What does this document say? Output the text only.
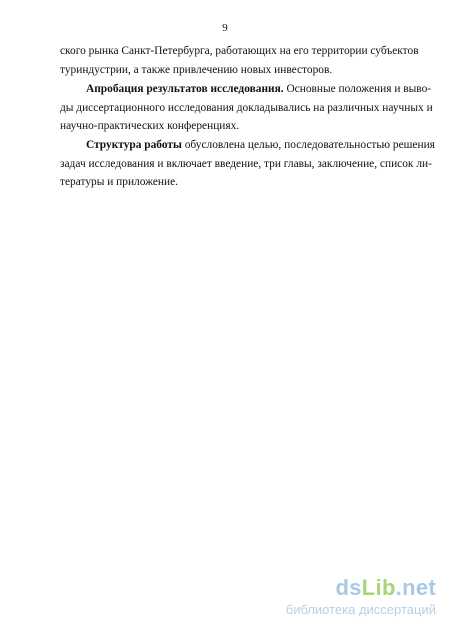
9
ского рынка Санкт-Петербурга, работающих на его территории субъектов
туриндустрии, а также привлечению новых инвесторов.
Апробация результатов исследования. Основные положения и выво-
ды диссертационного исследования докладывались на различных научных и
научно-практических конференциях.
Структура работы обусловлена целью, последовательностью решения
задач исследования и включает введение, три главы, заключение, список ли-
тературы и приложение.
dsLib.net
библиотека диссертаций
